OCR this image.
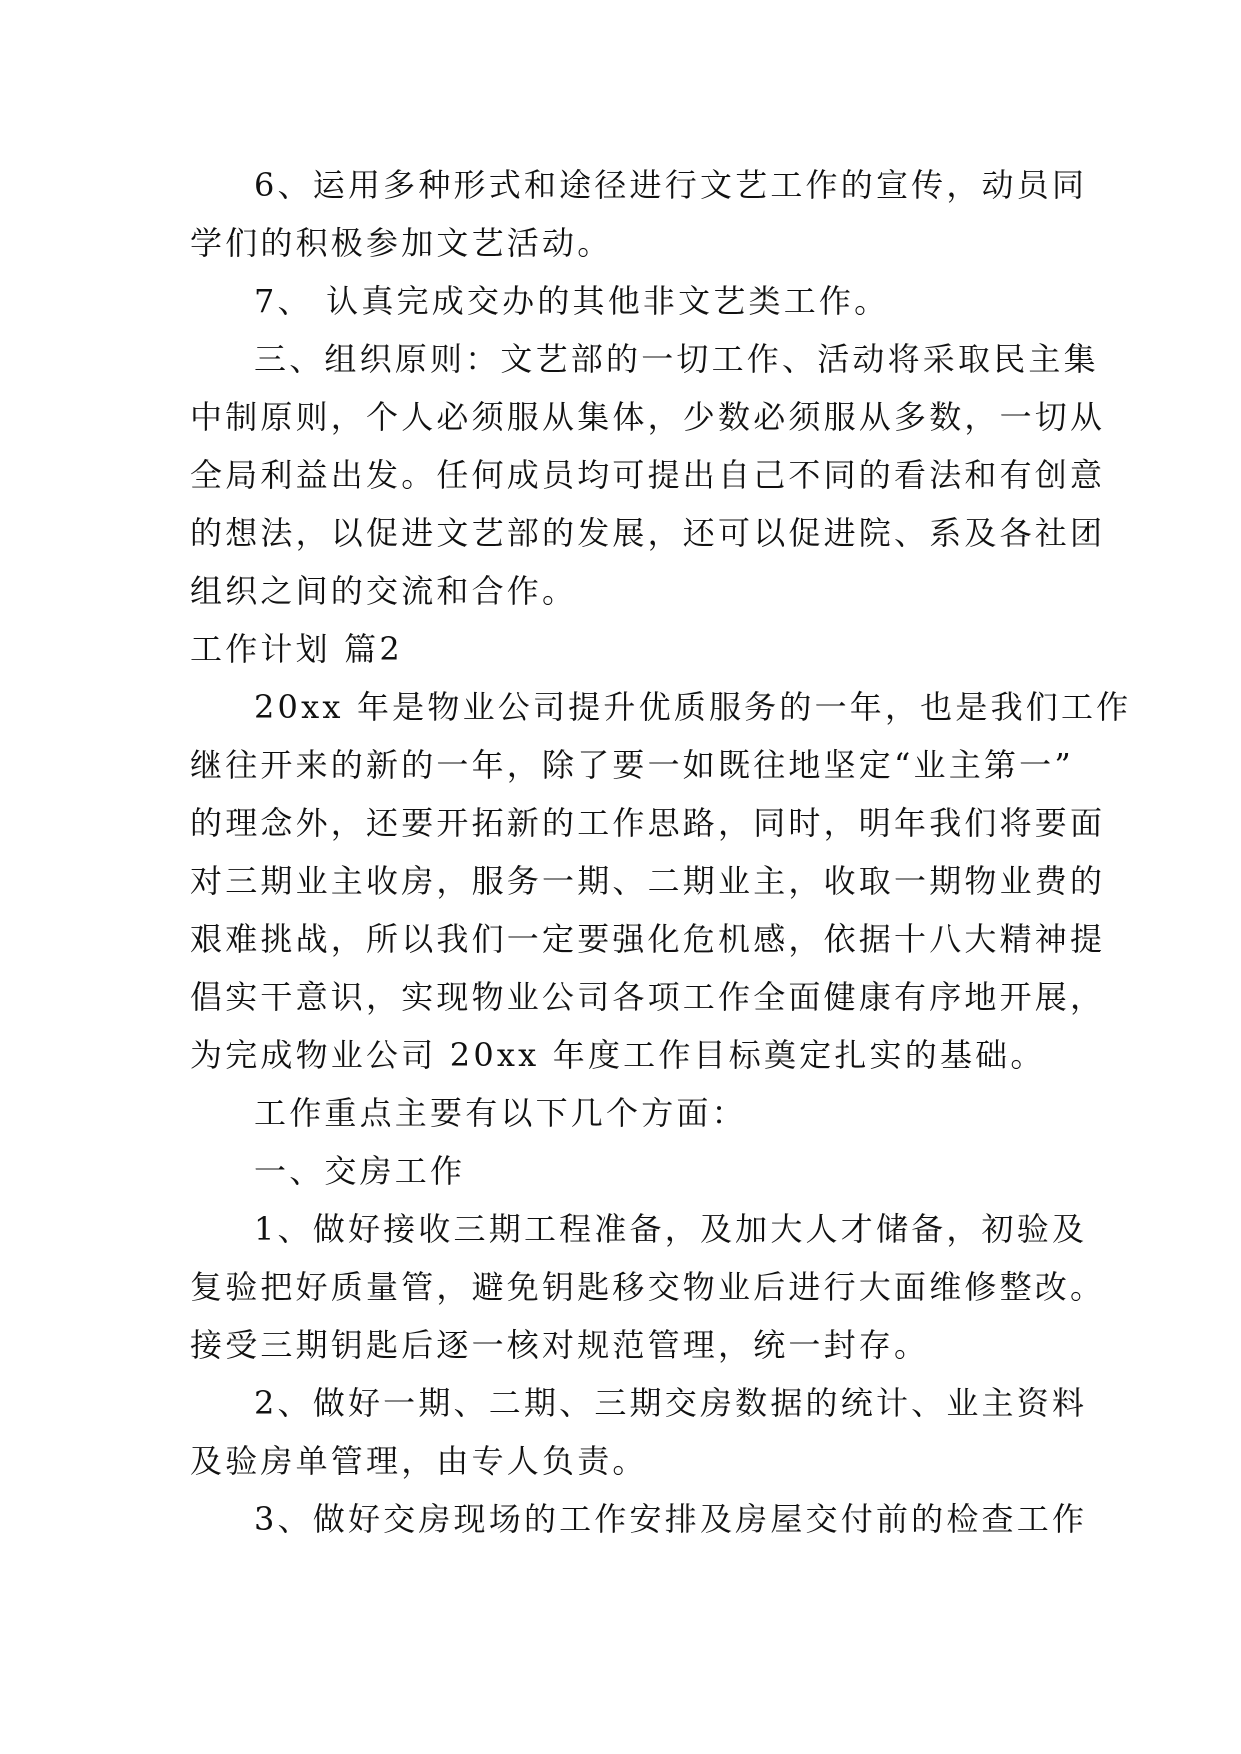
6、运用多种形式和途径进行文艺工作的宣传，动员同
学们的积极参加文艺活动。
7、 认真完成交办的其他非文艺类工作。
三、组织原则：文艺部的一切工作、活动将采取民主集
中制原则，个人必须服从集体，少数必须服从多数，一切从
全局利益出发。任何成员均可提出自己不同的看法和有创意
的想法，以促进文艺部的发展，还可以促进院、系及各社团
组织之间的交流和合作。
工作计划 篇2
20xx 年是物业公司提升优质服务的一年，也是我们工作
继往开来的新的一年，除了要一如既往地坚定“业主第一”
的理念外，还要开拓新的工作思路，同时，明年我们将要面
对三期业主收房，服务一期、二期业主，收取一期物业费的
艰难挑战，所以我们一定要强化危机感，依据十八大精神提
倡实干意识，实现物业公司各项工作全面健康有序地开展，
为完成物业公司 20xx 年度工作目标奠定扎实的基础。
工作重点主要有以下几个方面：
一、交房工作
1、做好接收三期工程准备，及加大人才储备，初验及
复验把好质量管，避免钥匙移交物业后进行大面维修整改。
接受三期钥匙后逐一核对规范管理，统一封存。
2、做好一期、二期、三期交房数据的统计、业主资料
及验房单管理，由专人负责。
3、做好交房现场的工作安排及房屋交付前的检查工作
